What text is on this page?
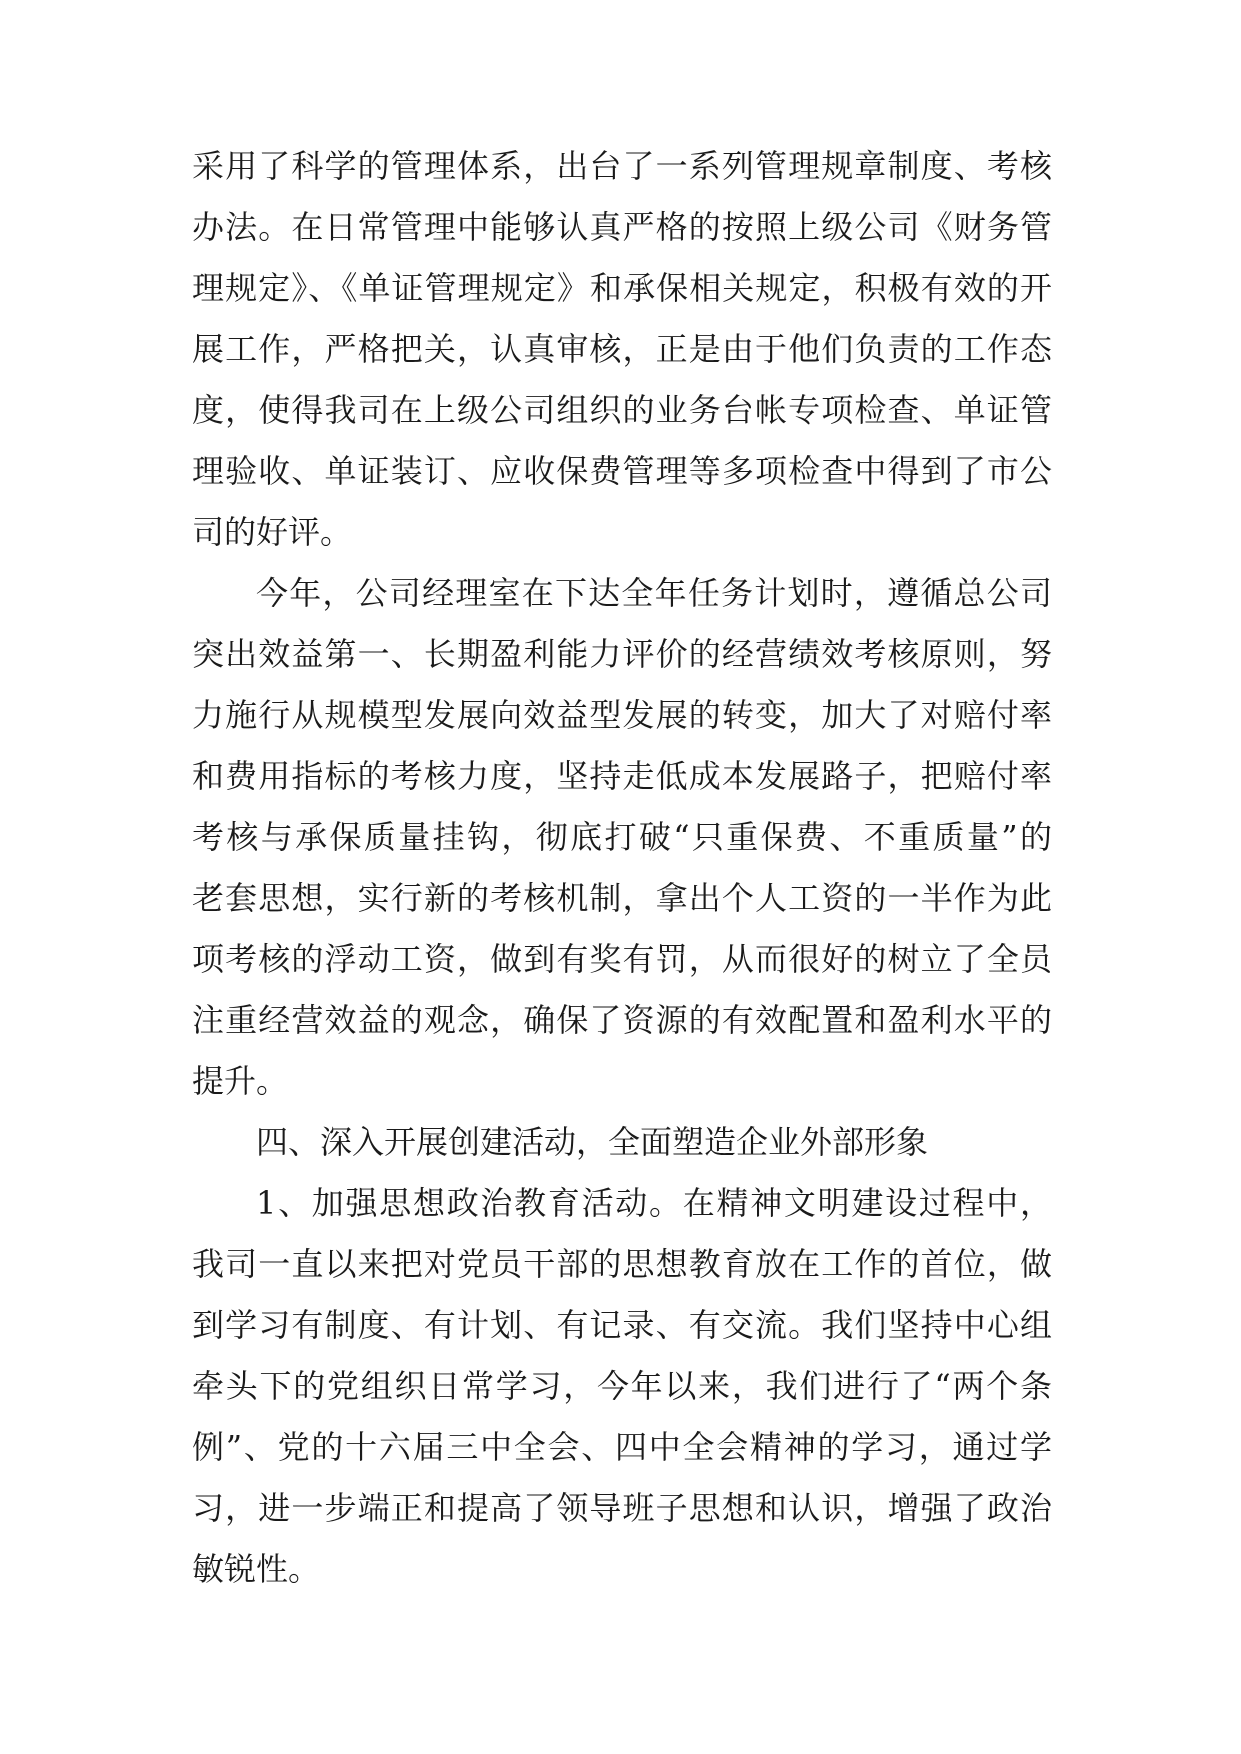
采用了科学的管理体系，出台了一系列管理规章制度、考核
办法。在日常管理中能够认真严格的按照上级公司《财务管
理规定》、《单证管理规定》和承保相关规定，积极有效的开
展工作，严格把关，认真审核，正是由于他们负责的工作态
度，使得我司在上级公司组织的业务台帐专项检查、单证管
理验收、单证装订、应收保费管理等多项检查中得到了市公
司的好评。
今年，公司经理室在下达全年任务计划时，遵循总公司
突出效益第一、长期盈利能力评价的经营绩效考核原则，努
力施行从规模型发展向效益型发展的转变，加大了对赔付率
和费用指标的考核力度，坚持走低成本发展路子，把赔付率
考核与承保质量挂钩，彻底打破“只重保费、不重质量”的
老套思想，实行新的考核机制，拿出个人工资的一半作为此
项考核的浮动工资，做到有奖有罚，从而很好的树立了全员
注重经营效益的观念，确保了资源的有效配置和盈利水平的
提升。
四、深入开展创建活动，全面塑造企业外部形象
1、加强思想政治教育活动。在精神文明建设过程中，
我司一直以来把对党员干部的思想教育放在工作的首位，做
到学习有制度、有计划、有记录、有交流。我们坚持中心组
牵头下的党组织日常学习，今年以来，我们进行了“两个条
例”、党的十六届三中全会、四中全会精神的学习，通过学
习，进一步端正和提高了领导班子思想和认识，增强了政治
敏锐性。
